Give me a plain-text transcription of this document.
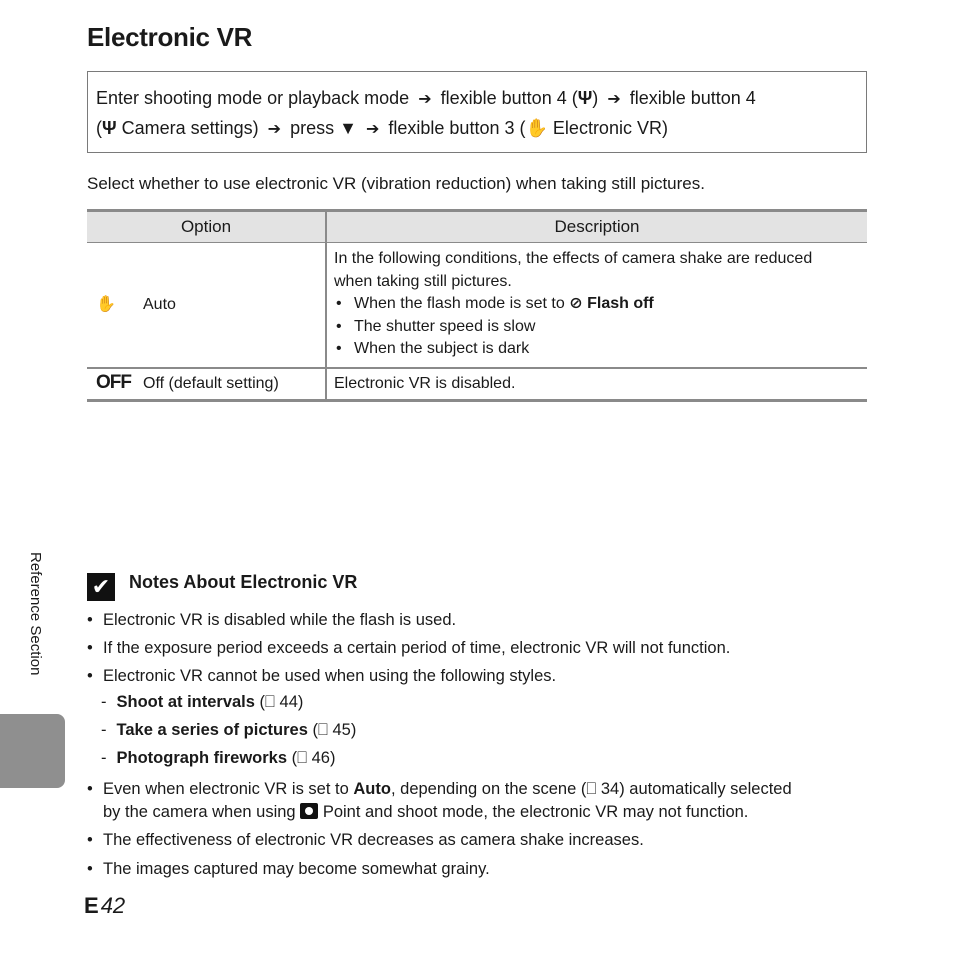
Electronic VR
Enter shooting mode or playback mode ➔ flexible button 4 (Ψ) ➔ flexible button 4
(Ψ Camera settings) ➔ press ▼ ➔ flexible button 3 (✋ Electronic VR)
Select whether to use electronic VR (vibration reduction) when taking still pictures.
Option	Description
✋ Auto
In the following conditions, the effects of camera shake are reduced when taking still pictures.
• When the flash mode is set to ⊘ Flash off
• The shutter speed is slow
• When the subject is dark
OFF Off (default setting)	Electronic VR is disabled.
Reference Section ✔ Notes About Electronic VR
• Electronic VR is disabled while the flash is used.
• If the exposure period exceeds a certain period of time, electronic VR will not function.
• Electronic VR cannot be used when using the following styles.
- Shoot at intervals (⎕ 44)
- Take a series of pictures (⎕ 45)
- Photograph fireworks (⎕ 46)
• Even when electronic VR is set to Auto, depending on the scene (⎕ 34) automatically selected
by the camera when using Point and shoot mode, the electronic VR may not function.
• The effectiveness of electronic VR decreases as camera shake increases.
• The images captured may become somewhat grainy.
E42
